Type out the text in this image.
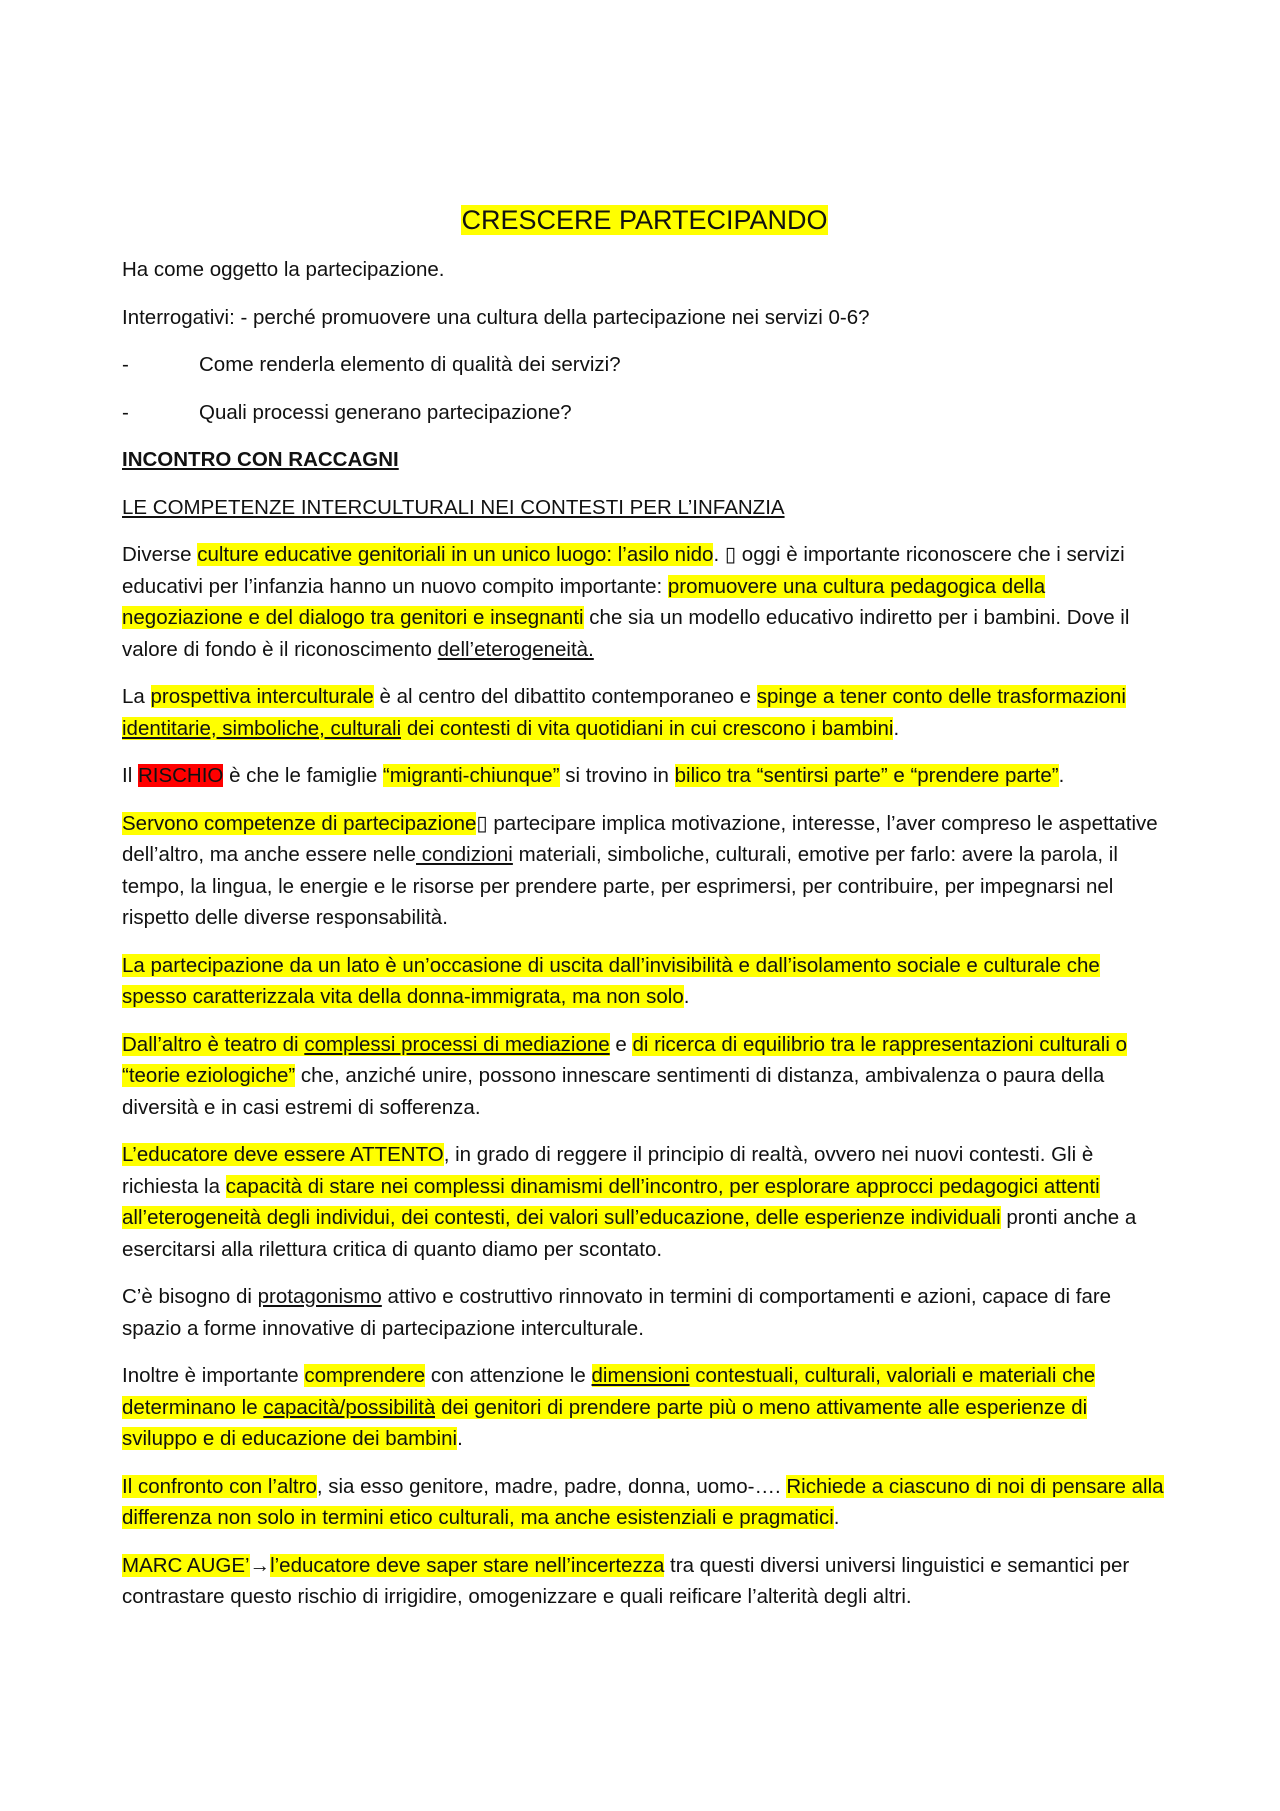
CRESCERE PARTECIPANDO

Ha come oggetto la partecipazione.

Interrogativi: - perché promuovere una cultura della partecipazione nei servizi 0-6?

-	Come renderla elemento di qualità dei servizi?
-	Quali processi generano partecipazione?

INCONTRO CON RACCAGNI

LE COMPETENZE INTERCULTURALI NEI CONTESTI PER L’INFANZIA

Diverse culture educative genitoriali in un unico luogo: l’asilo nido. ▯ oggi è importante riconoscere che i servizi educativi per l’infanzia hanno un nuovo compito importante: promuovere una cultura pedagogica della negoziazione e del dialogo tra genitori e insegnanti che sia un modello educativo indiretto per i bambini. Dove il valore di fondo è il riconoscimento dell’eterogeneità.

La prospettiva interculturale è al centro del dibattito contemporaneo e spinge a tener conto delle trasformazioni identitarie, simboliche, culturali dei contesti di vita quotidiani in cui crescono i bambini.

Il RISCHIO è che le famiglie “migranti-chiunque” si trovino in bilico tra “sentirsi parte” e “prendere parte”.

Servono competenze di partecipazione▯ partecipare implica motivazione, interesse, l’aver compreso le aspettative dell’altro, ma anche essere nelle condizioni materiali, simboliche, culturali, emotive per farlo: avere la parola, il tempo, la lingua, le energie e le risorse per prendere parte, per esprimersi, per contribuire, per impegnarsi nel rispetto delle diverse responsabilità.

La partecipazione da un lato è un’occasione di uscita dall’invisibilità e dall’isolamento sociale e culturale che spesso caratterizzala vita della donna-immigrata, ma non solo.

Dall’altro è teatro di complessi processi di mediazione e di ricerca di equilibrio tra le rappresentazioni culturali o “teorie eziologiche” che, anziché unire, possono innescare sentimenti di distanza, ambivalenza o paura della diversità e in casi estremi di sofferenza.

L’educatore deve essere ATTENTO, in grado di reggere il principio di realtà, ovvero nei nuovi contesti. Gli è richiesta la capacità di stare nei complessi dinamismi dell’incontro, per esplorare approcci pedagogici attenti all’eterogeneità degli individui, dei contesti, dei valori sull’educazione, delle esperienze individuali pronti anche a esercitarsi alla rilettura critica di quanto diamo per scontato.

C’è bisogno di protagonismo attivo e costruttivo rinnovato in termini di comportamenti e azioni, capace di fare spazio a forme innovative di partecipazione interculturale.

Inoltre è importante comprendere con attenzione le dimensioni contestuali, culturali, valoriali e materiali che determinano le capacità/possibilità dei genitori di prendere parte più o meno attivamente alle esperienze di sviluppo e di educazione dei bambini.

Il confronto con l’altro, sia esso genitore, madre, padre, donna, uomo-…. Richiede a ciascuno di noi di pensare alla differenza non solo in termini etico culturali, ma anche esistenziali e pragmatici.

MARC AUGE’→l’educatore deve saper stare nell’incertezza tra questi diversi universi linguistici e semantici per contrastare questo rischio di irrigidire, omogenizzare e quali reificare l’alterità degli altri.
